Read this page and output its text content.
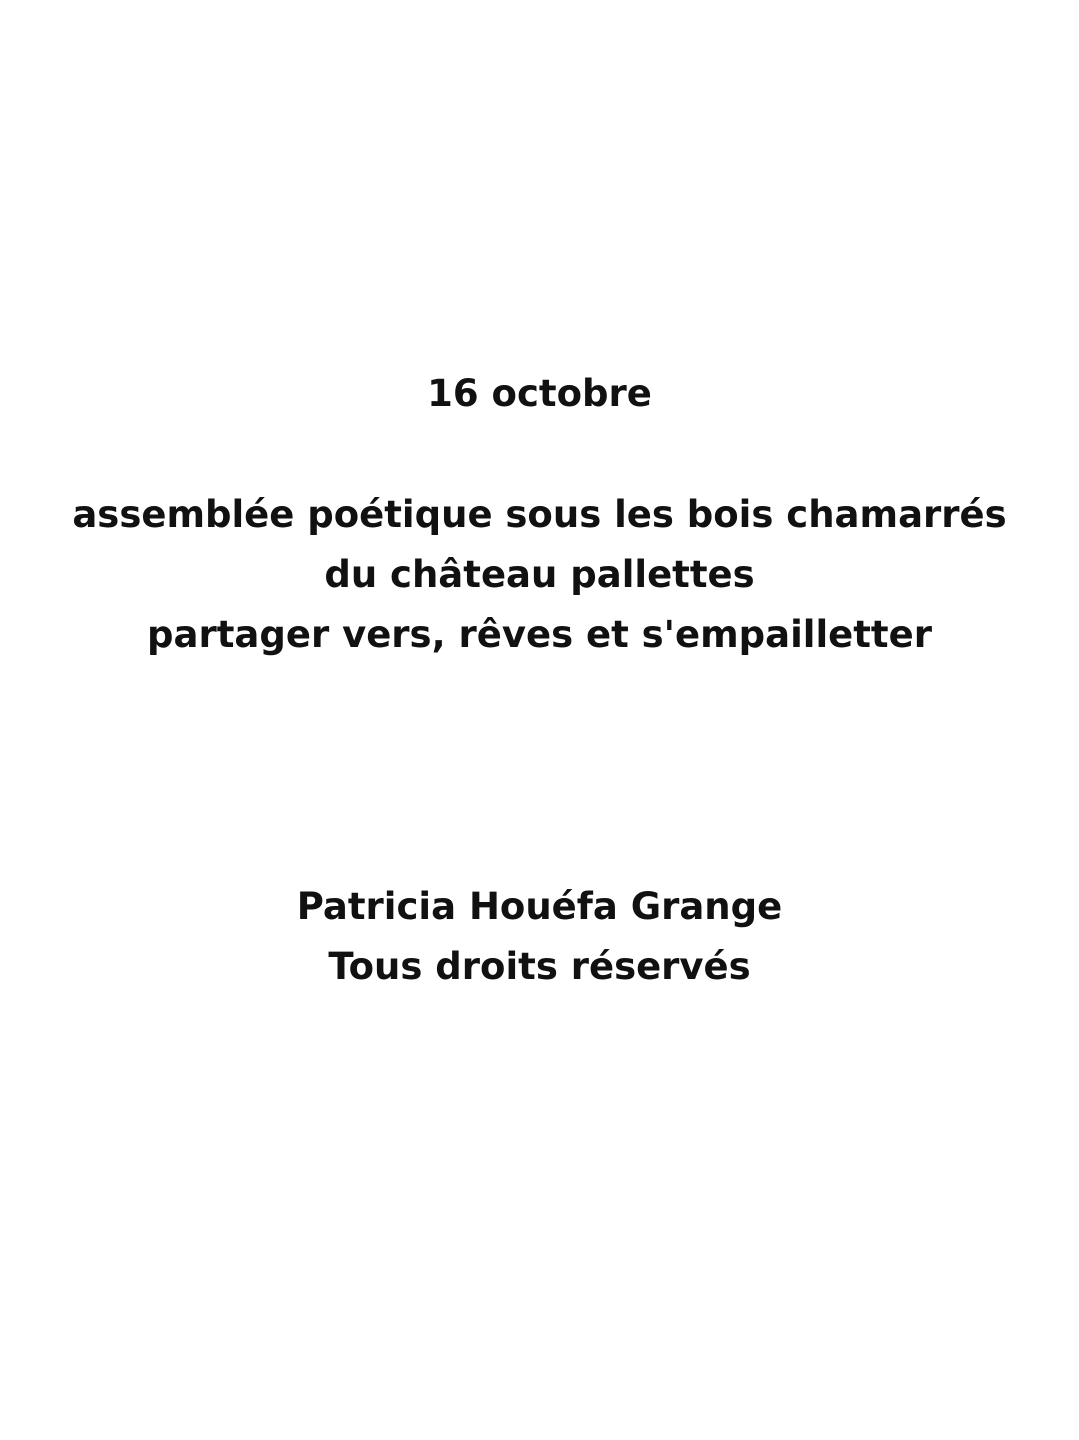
16 octobre
assemblée poétique sous les bois chamarrés
du château pallettes
partager vers, rêves et s'empailletter
Patricia Houéfa Grange
Tous droits réservés
